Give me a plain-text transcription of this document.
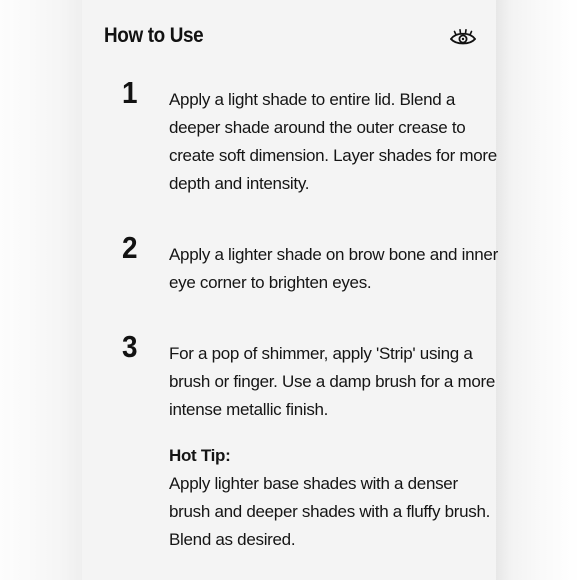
How to Use
1 Apply a light shade to entire lid. Blend a deeper shade around the outer crease to create soft dimension. Layer shades for more depth and intensity.
2 Apply a lighter shade on brow bone and inner eye corner to brighten eyes.
3 For a pop of shimmer, apply 'Strip' using a brush or finger. Use a damp brush for a more intense metallic finish.
Hot Tip:
Apply lighter base shades with a denser brush and deeper shades with a fluffy brush. Blend as desired.
